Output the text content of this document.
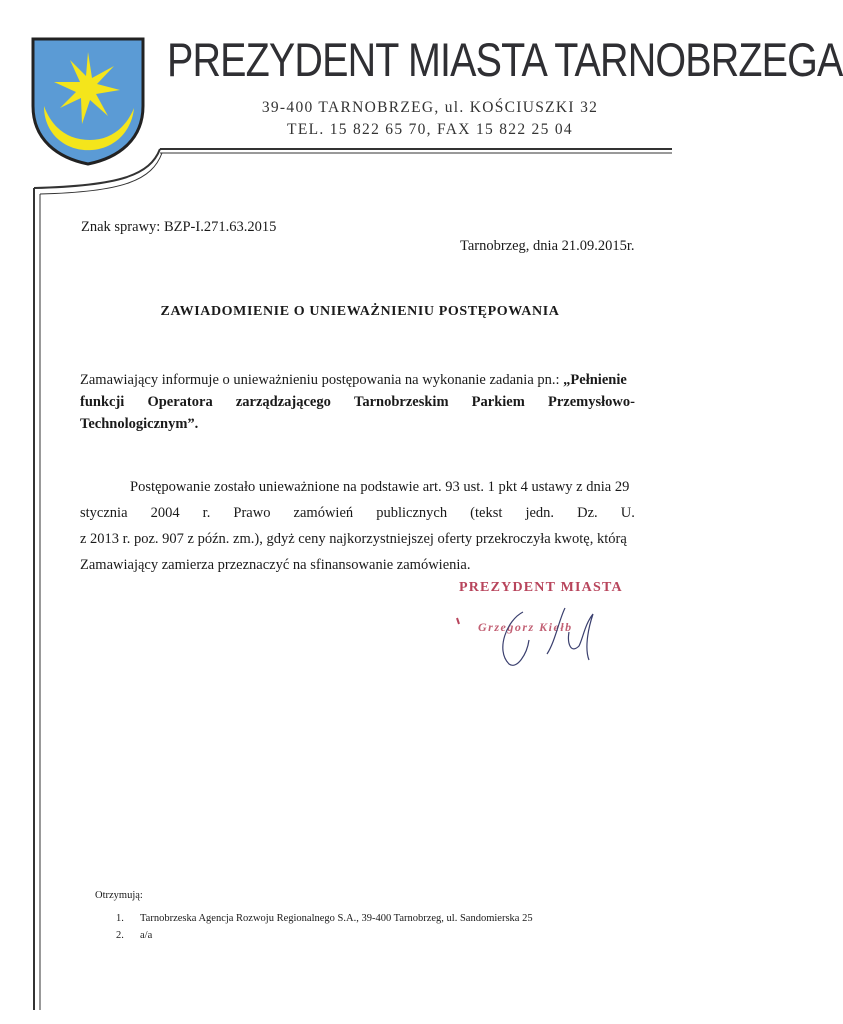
PREZYDENT MIASTA TARNOBRZEGA
39-400 TARNOBRZEG, ul. KOŚCIUSZKI 32
TEL. 15 822 65 70, FAX 15 822 25 04
Znak sprawy: BZP-I.271.63.2015
Tarnobrzeg, dnia 21.09.2015r.
ZAWIADOMIENIE O UNIEWAŻNIENIU POSTĘPOWANIA
Zamawiający informuje o unieważnieniu postępowania na wykonanie zadania pn.: „Pełnienie
funkcji Operatora zarządzającego Tarnobrzeskim Parkiem Przemysłowo-
Technologicznym”.
Postępowanie zostało unieważnione na podstawie art. 93 ust. 1 pkt 4 ustawy z dnia 29
stycznia 2004 r. Prawo zamówień publicznych (tekst jedn. Dz. U.
z 2013 r. poz. 907 z późn. zm.), gdyż ceny najkorzystniejszej oferty przekroczyła kwotę, którą
Zamawiający zamierza przeznaczyć na sfinansowanie zamówienia.
PREZYDENT MIASTA
Grzegorz Kiełb
Otrzymują:
1. Tarnobrzeska Agencja Rozwoju Regionalnego S.A., 39-400 Tarnobrzeg, ul. Sandomierska 25
2. a/a
